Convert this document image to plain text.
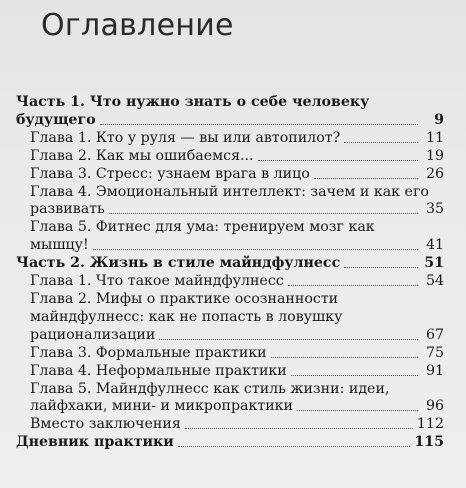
Оглавление
Часть 1. Что нужно знать о себе человеку
будущего	9
Глава 1. Кто у руля — вы или автопилот?	11
Глава 2. Как мы ошибаемся...	19
Глава 3. Стресс: узнаем врага в лицо	26
Глава 4. Эмоциональный интеллект: зачем и как его
развивать	35
Глава 5. Фитнес для ума: тренируем мозг как
мышцу!	41
Часть 2. Жизнь в стиле майндфулнесс	51
Глава 1. Что такое майндфулнесс	54
Глава 2. Мифы о практике осознанности
майндфулнесс: как не попасть в ловушку
рационализации	67
Глава 3. Формальные практики	75
Глава 4. Неформальные практики	91
Глава 5. Майндфулнесс как стиль жизни: идеи,
лайфхаки, мини- и микропрактики	96
Вместо заключения	112
Дневник практики	115
